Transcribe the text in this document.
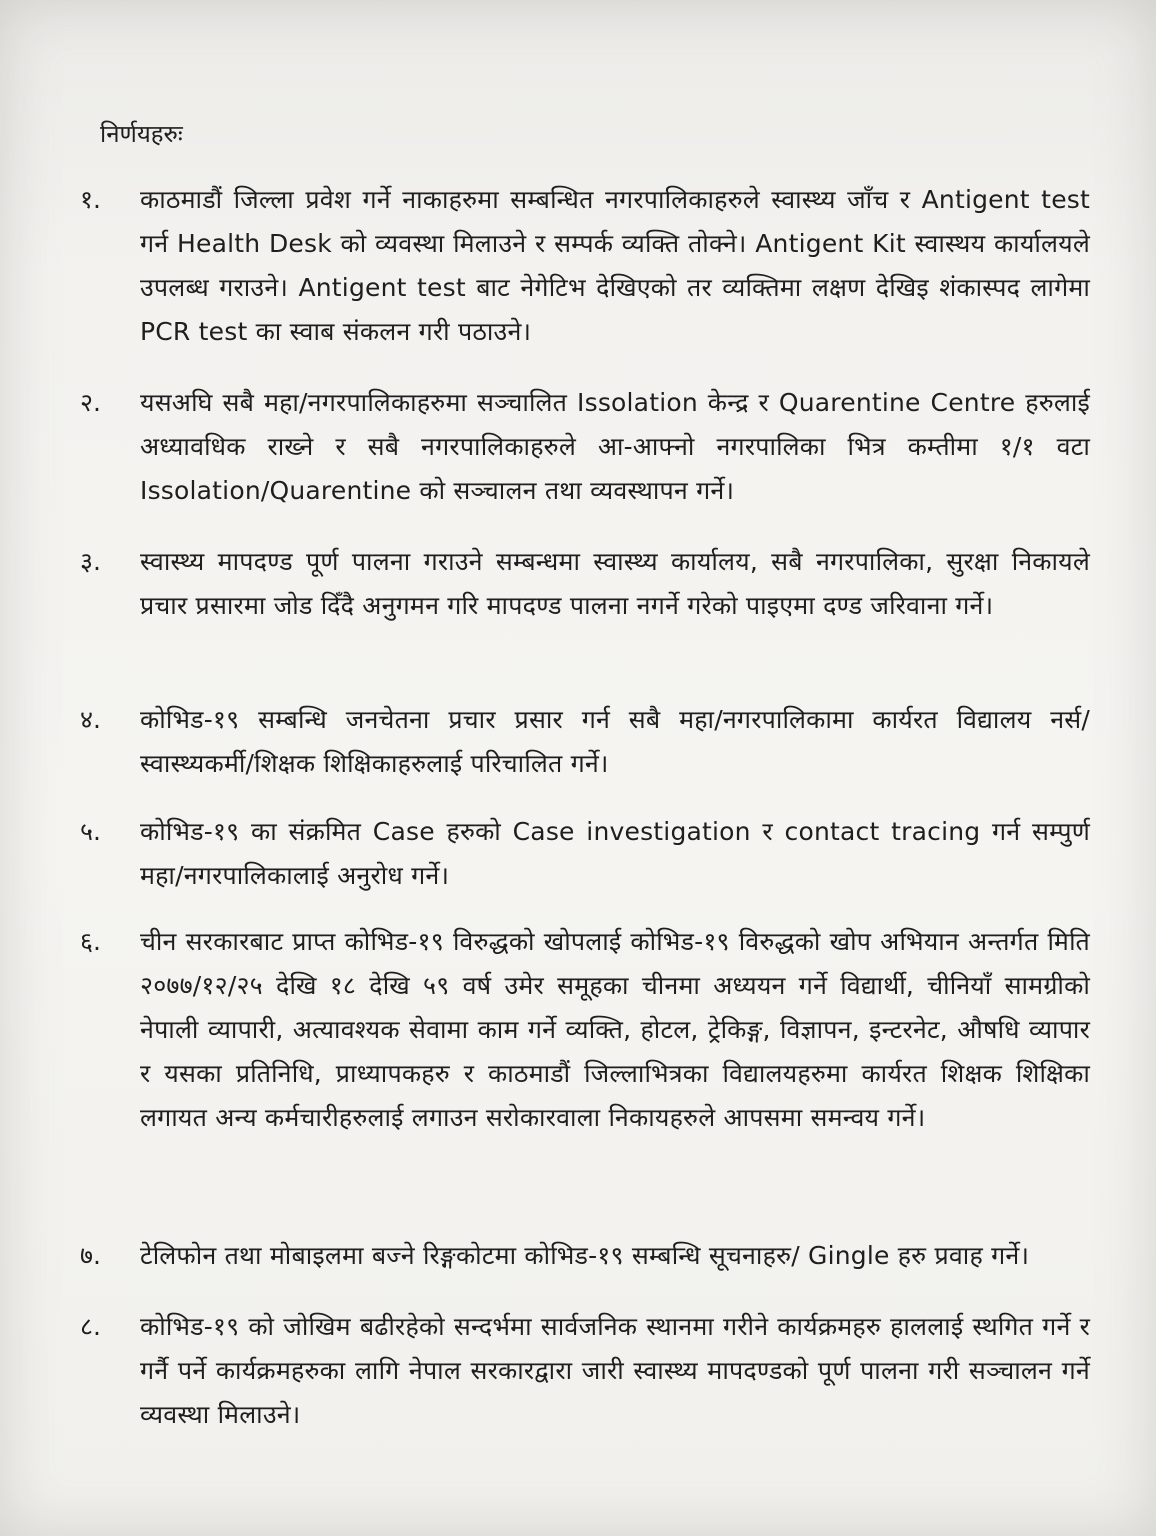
निर्णयहरुः
१.	काठमाडौं जिल्ला प्रवेश गर्ने नाकाहरुमा सम्बन्धित नगरपालिकाहरुले स्वास्थ्य जाँच र Antigent test गर्न Health Desk को व्यवस्था मिलाउने र सम्पर्क व्यक्ति तोक्ने। Antigent Kit स्वास्थय कार्यालयले उपलब्ध गराउने। Antigent test बाट नेगेटिभ देखिएको तर व्यक्तिमा लक्षण देखिइ शंकास्पद लागेमा PCR test का स्वाब संकलन गरी पठाउने।
२.	यसअघि सबै महा/नगरपालिकाहरुमा सञ्चालित Issolation केन्द्र र Quarentine Centre हरुलाई अध्यावधिक राख्ने र सबै नगरपालिकाहरुले आ-आफ्नो नगरपालिका भित्र कम्तीमा १/१ वटा Issolation/Quarentine को सञ्चालन तथा व्यवस्थापन गर्ने।
३.	स्वास्थ्य मापदण्ड पूर्ण पालना गराउने सम्बन्धमा स्वास्थ्य कार्यालय, सबै नगरपालिका, सुरक्षा निकायले प्रचार प्रसारमा जोड दिँदै अनुगमन गरि मापदण्ड पालना नगर्ने गरेको पाइएमा दण्ड जरिवाना गर्ने।
४.	कोभिड-१९ सम्बन्धि जनचेतना प्रचार प्रसार गर्न सबै महा/नगरपालिकामा कार्यरत विद्यालय नर्स/स्वास्थ्यकर्मी/शिक्षक शिक्षिकाहरुलाई परिचालित गर्ने।
५.	कोभिड-१९ का संक्रमित Case हरुको Case investigation र contact tracing गर्न सम्पुर्ण महा/नगरपालिकालाई अनुरोध गर्ने।
६.	चीन सरकारबाट प्राप्त कोभिड-१९ विरुद्धको खोपलाई कोभिड-१९ विरुद्धको खोप अभियान अन्तर्गत मिति २०७७/१२/२५ देखि १८ देखि ५९ वर्ष उमेर समूहका चीनमा अध्ययन गर्ने विद्यार्थी, चीनियाँ सामग्रीको नेपाली व्यापारी, अत्यावश्यक सेवामा काम गर्ने व्यक्ति, होटल, ट्रेकिङ्ग, विज्ञापन, इन्टरनेट, औषधि व्यापार र यसका प्रतिनिधि, प्राध्यापकहरु र काठमाडौं जिल्लाभित्रका विद्यालयहरुमा कार्यरत शिक्षक शिक्षिका लगायत अन्य कर्मचारीहरुलाई लगाउन सरोकारवाला निकायहरुले आपसमा समन्वय गर्ने।
७.	टेलिफोन तथा मोबाइलमा बज्ने रिङ्गकोटमा कोभिड-१९ सम्बन्धि सूचनाहरु/ Gingle हरु प्रवाह गर्ने।
८.	कोभिड-१९ को जोखिम बढीरहेको सन्दर्भमा सार्वजनिक स्थानमा गरीने कार्यक्रमहरु हाललाई स्थगित गर्ने र गर्नै पर्ने कार्यक्रमहरुका लागि नेपाल सरकारद्वारा जारी स्वास्थ्य मापदण्डको पूर्ण पालना गरी सञ्चालन गर्ने व्यवस्था मिलाउने।
